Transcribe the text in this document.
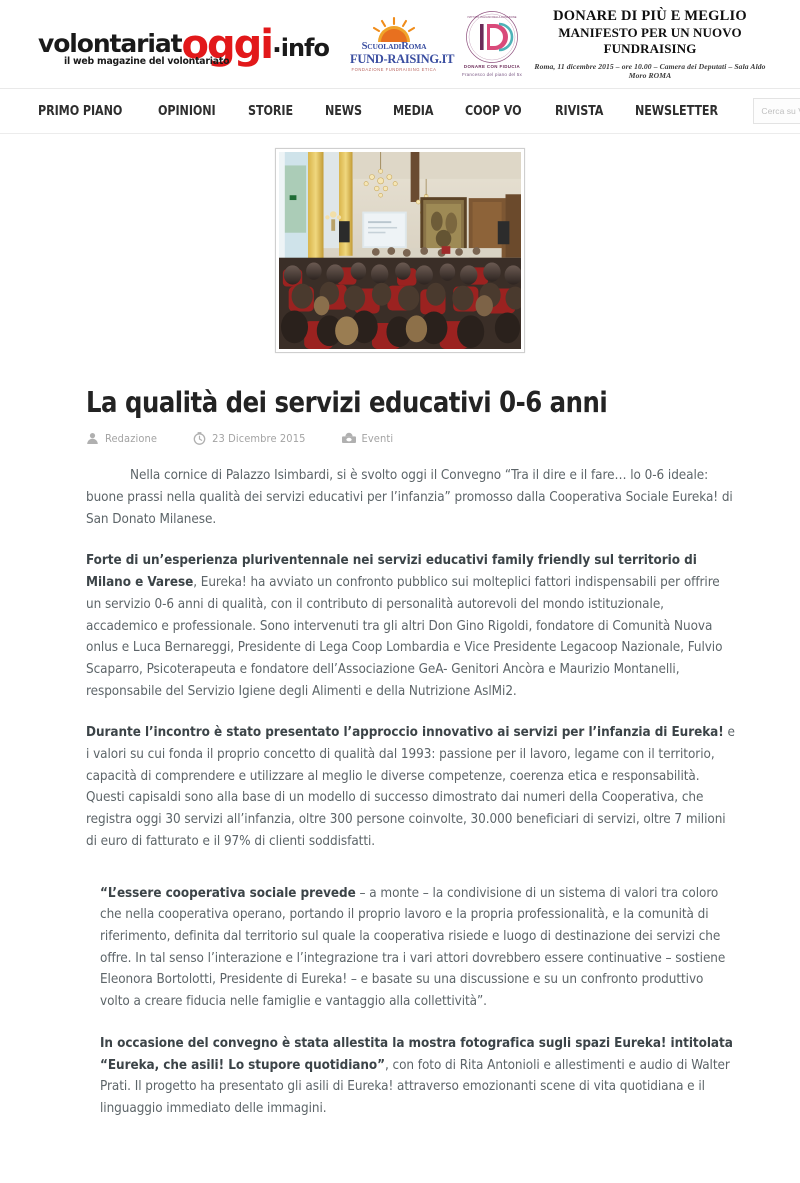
volontariatoggi.info
il web magazine del volontariato
SCUOLADIROMA
FUND-RAISING.IT
FONDAZIONE FUNDRAISING ETICA
ISTITUTO ITALIANO DELLA DONAZIONE
DONARE CON FIDUCIA
Francesco del piano del 5x
DONARE DI PIÙ E MEGLIO
MANIFESTO PER UN NUOVO FUNDRAISING
Roma, 11 dicembre 2015 – ore 10.00 – Camera dei Deputati – Sala Aldo Moro ROMA
PRIMO PIANO	OPINIONI STORIE NEWS MEDIA COOP VO RIVISTA NEWSLETTER
Cerca su VolontariatOggi.info ...
La qualità dei servizi educativi 0-6 anni
Redazione	23 Dicembre 2015	Eventi

Nella cornice di Palazzo Isimbardi, si è svolto oggi il Convegno “Tra il dire e il fare… lo 0-6 ideale: buone prassi nella qualità dei servizi educativi per l’infanzia” promosso dalla Cooperativa Sociale Eureka! di San Donato Milanese.

Forte di un’esperienza pluriventennale nei servizi educativi family friendly sul territorio di Milano e Varese, Eureka! ha avviato un confronto pubblico sui molteplici fattori indispensabili per offrire un servizio 0-6 anni di qualità, con il contributo di personalità autorevoli del mondo istituzionale, accademico e professionale. Sono intervenuti tra gli altri Don Gino Rigoldi, fondatore di Comunità Nuova onlus e Luca Bernareggi, Presidente di Lega Coop Lombardia e Vice Presidente Legacoop Nazionale, Fulvio Scaparro, Psicoterapeuta e fondatore dell’Associazione GeA- Genitori Ancòra e Maurizio Montanelli, responsabile del Servizio Igiene degli Alimenti e della Nutrizione AslMi2.

Durante l’incontro è stato presentato l’approccio innovativo ai servizi per l’infanzia di Eureka! e i valori su cui fonda il proprio concetto di qualità dal 1993: passione per il lavoro, legame con il territorio, capacità di comprendere e utilizzare al meglio le diverse competenze, coerenza etica e responsabilità. Questi capisaldi sono alla base di un modello di successo dimostrato dai numeri della Cooperativa, che registra oggi 30 servizi all’infanzia, oltre 300 persone coinvolte, 30.000 beneficiari di servizi, oltre 7 milioni di euro di fatturato e il 97% di clienti soddisfatti.

“L’essere cooperativa sociale prevede – a monte – la condivisione di un sistema di valori tra coloro che nella cooperativa operano, portando il proprio lavoro e la propria professionalità, e la comunità di riferimento, definita dal territorio sul quale la cooperativa risiede e luogo di destinazione dei servizi che offre. In tal senso l’interazione e l’integrazione tra i vari attori dovrebbero essere continuative – sostiene Eleonora Bortolotti, Presidente di Eureka! – e basate su una discussione e su un confronto produttivo volto a creare fiducia nelle famiglie e vantaggio alla collettività”.

In occasione del convegno è stata allestita la mostra fotografica sugli spazi Eureka! intitolata “Eureka, che asili! Lo stupore quotidiano”, con foto di Rita Antonioli e allestimenti e audio di Walter Prati. Il progetto ha presentato gli asili di Eureka! attraverso emozionanti scene di vita quotidiana e il linguaggio immediato delle immagini.
